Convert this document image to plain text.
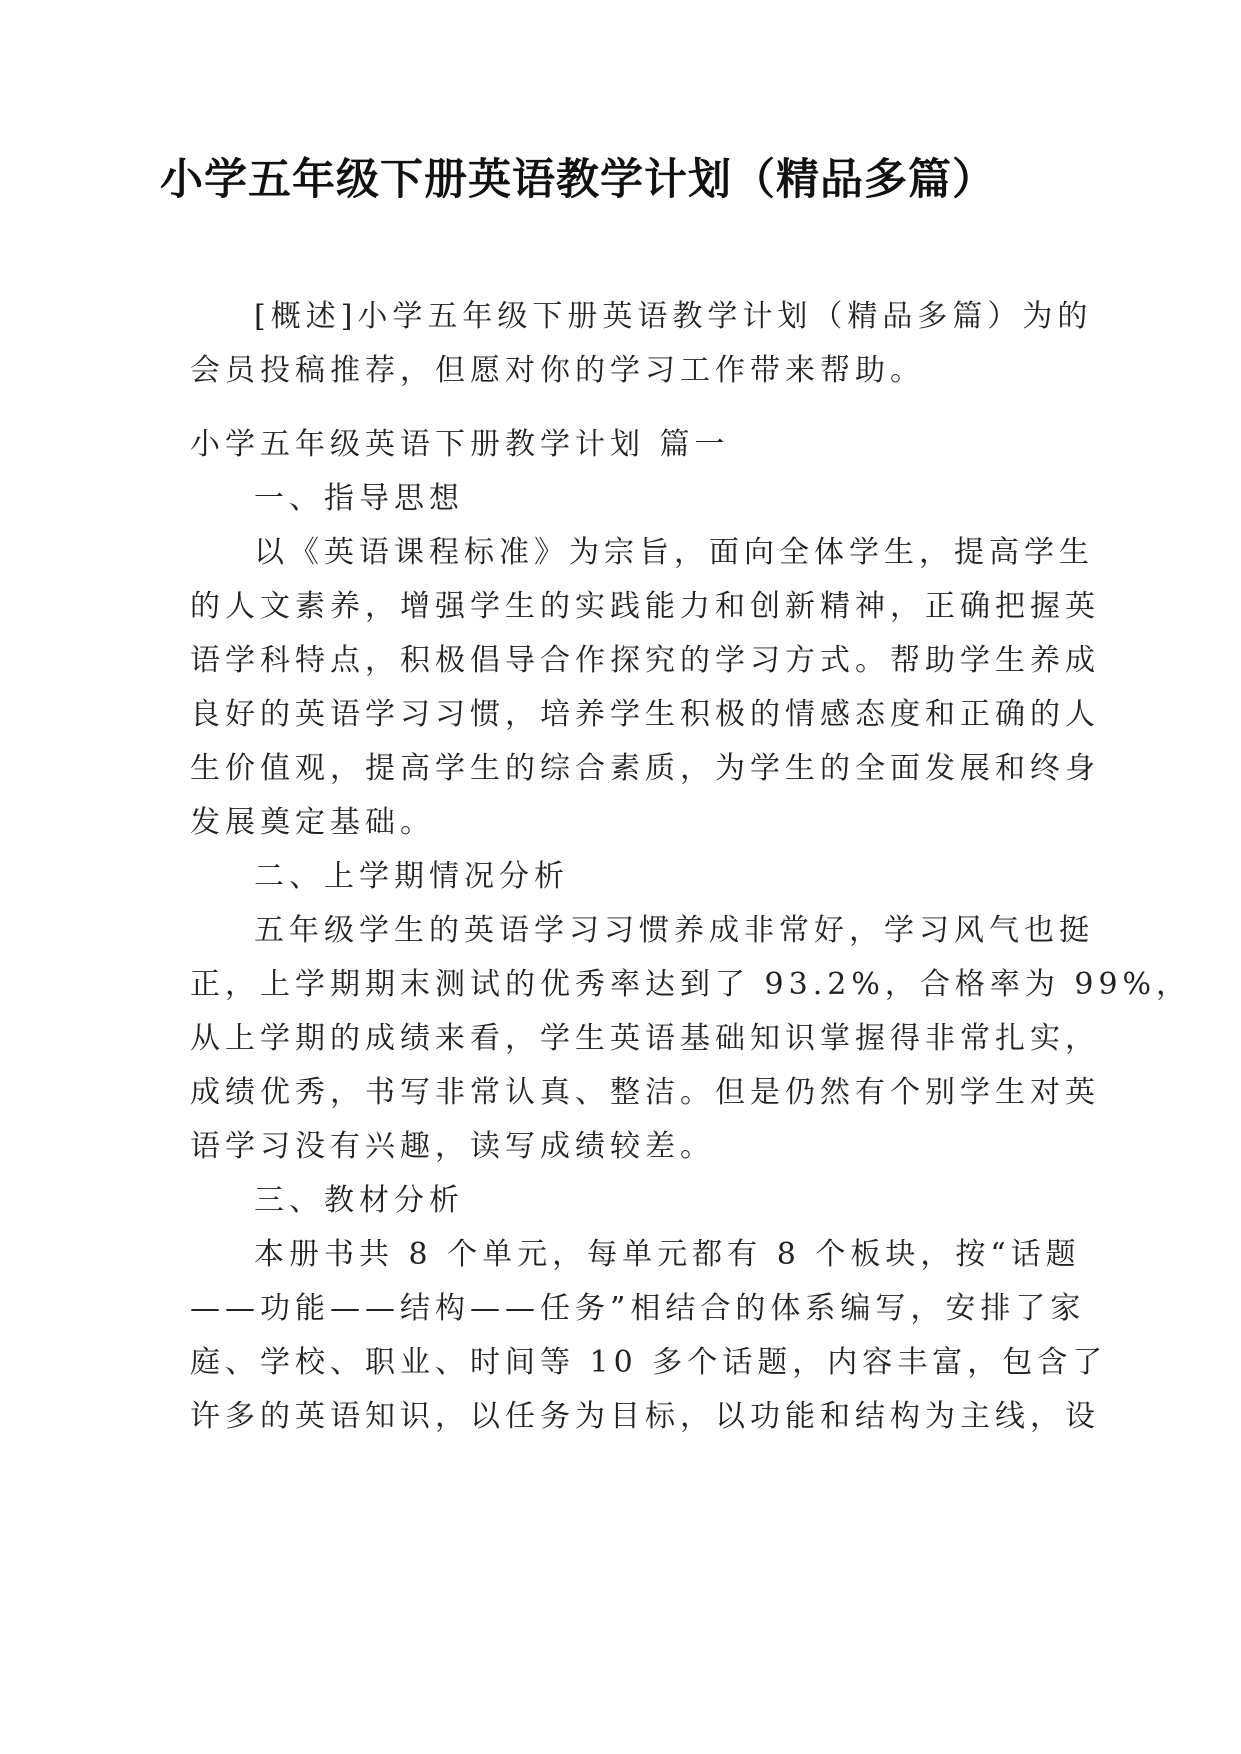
小学五年级下册英语教学计划（精品多篇）
[概述]小学五年级下册英语教学计划（精品多篇）为的
会员投稿推荐，但愿对你的学习工作带来帮助。
小学五年级英语下册教学计划 篇一
一、指导思想
以《英语课程标准》为宗旨，面向全体学生，提高学生
的人文素养，增强学生的实践能力和创新精神，正确把握英
语学科特点，积极倡导合作探究的学习方式。帮助学生养成
良好的英语学习习惯，培养学生积极的情感态度和正确的人
生价值观，提高学生的综合素质，为学生的全面发展和终身
发展奠定基础。
二、上学期情况分析
五年级学生的英语学习习惯养成非常好，学习风气也挺
正，上学期期末测试的优秀率达到了 93.2%，合格率为 99%，
从上学期的成绩来看，学生英语基础知识掌握得非常扎实，
成绩优秀，书写非常认真、整洁。但是仍然有个别学生对英
语学习没有兴趣，读写成绩较差。
三、教材分析
本册书共 8 个单元，每单元都有 8 个板块，按“话题
——功能——结构——任务”相结合的体系编写，安排了家
庭、学校、职业、时间等 10 多个话题，内容丰富，包含了
许多的英语知识，以任务为目标，以功能和结构为主线，设
